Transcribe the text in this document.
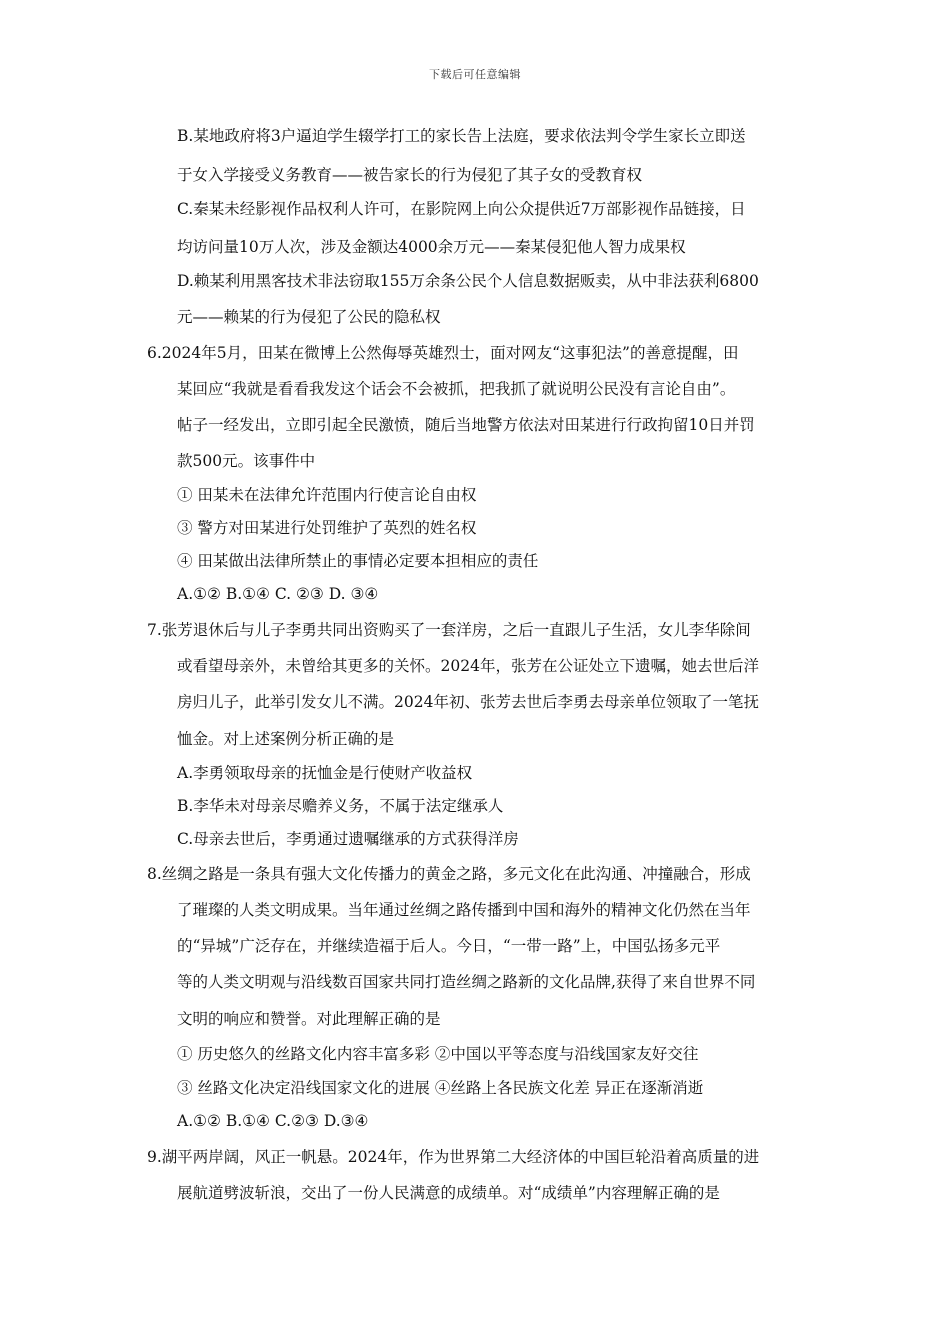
下载后可任意编辑
B.某地政府将3户逼迫学生辍学打工的家长告上法庭，要求依法判令学生家长立即送
于女入学接受义务教育——被告家长的行为侵犯了其子女的受教育权
C.秦某未经影视作品权利人许可，在影院网上向公众提供近7万部影视作品链接，日
均访问量10万人次，涉及金额达4000余万元——秦某侵犯他人智力成果权
D.赖某利用黑客技术非法窃取155万余条公民个人信息数据贩卖，从中非法获利6800
元——赖某的行为侵犯了公民的隐私权
6.2024年5月，田某在微博上公然侮辱英雄烈士，面对网友“这事犯法”的善意提醒，田
某回应“我就是看看我发这个话会不会被抓，把我抓了就说明公民没有言论自由”。
帖子一经发出，立即引起全民激愤，随后当地警方依法对田某进行行政拘留10日并罚
款500元。该事件中
① 田某未在法律允许范围内行使言论自由权
③ 警方对田某进行处罚维护了英烈的姓名权
④ 田某做出法律所禁止的事情必定要本担相应的责任
A.①② B.①④ C. ②③ D. ③④
7.张芳退休后与儿子李勇共同出资购买了一套洋房，之后一直跟儿子生活，女儿李华除间
或看望母亲外，未曾给其更多的关怀。2024年，张芳在公证处立下遗嘱，她去世后洋
房归儿子，此举引发女儿不满。2024年初、张芳去世后李勇去母亲单位领取了一笔抚
恤金。对上述案例分析正确的是
A.李勇领取母亲的抚恤金是行使财产收益权
B.李华未对母亲尽赡养义务，不属于法定继承人
C.母亲去世后，李勇通过遗嘱继承的方式获得洋房
8.丝绸之路是一条具有强大文化传播力的黄金之路，多元文化在此沟通、冲撞融合，形成
了璀璨的人类文明成果。当年通过丝绸之路传播到中国和海外的精神文化仍然在当年
的“异城”广泛存在，并继续造福于后人。今日，“一带一路”上，中国弘扬多元平
等的人类文明观与沿线数百国家共同打造丝绸之路新的文化品牌,获得了来自世界不同
文明的响应和赞誉。对此理解正确的是
① 历史悠久的丝路文化内容丰富多彩 ②中国以平等态度与沿线国家友好交往
③ 丝路文化决定沿线国家文化的进展 ④丝路上各民族文化差 异正在逐渐消逝
A.①② B.①④ C.②③ D.③④
9.湖平两岸阔，风正一帆悬。2024年，作为世界第二大经济体的中国巨轮沿着高质量的进
展航道劈波斩浪，交出了一份人民满意的成绩单。对“成绩单”内容理解正确的是
